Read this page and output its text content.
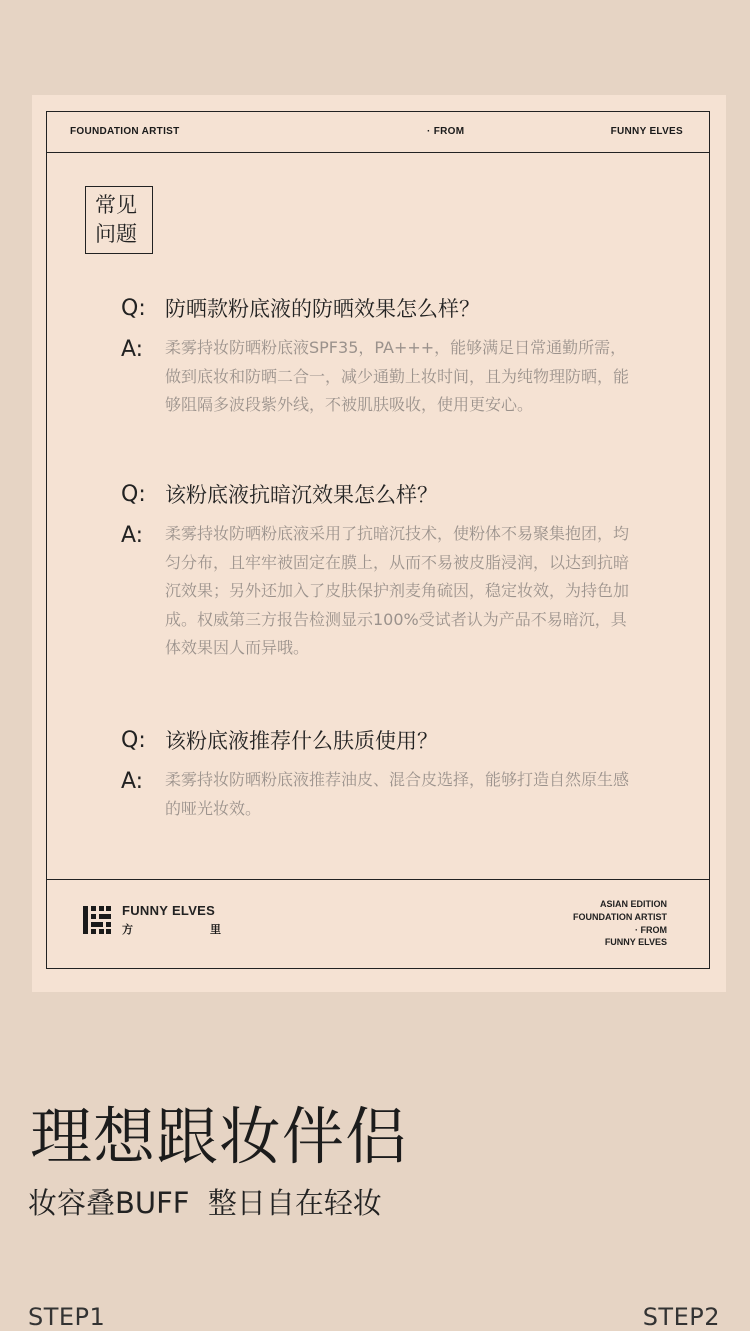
FOUNDATION ARTIST	· FROM	FUNNY ELVES
常见
问题
Q: 防晒款粉底液的防晒效果怎么样？
A: 柔雾持妆防晒粉底液SPF35，PA+++，能够满足日常通勤所需，做到底妆和防晒二合一，减少通勤上妆时间，且为纯物理防晒，能够阻隔多波段紫外线，不被肌肤吸收，使用更安心。
Q: 该粉底液抗暗沉效果怎么样？
A: 柔雾持妆防晒粉底液采用了抗暗沉技术，使粉体不易聚集抱团，均匀分布，且牢牢被固定在膜上，从而不易被皮脂浸润，以达到抗暗沉效果；另外还加入了皮肤保护剂麦角硫因，稳定妆效，为持色加成。权威第三方报告检测显示100%受试者认为产品不易暗沉，具体效果因人而异哦。
Q: 该粉底液推荐什么肤质使用？
A: 柔雾持妆防晒粉底液推荐油皮、混合皮选择，能够打造自然原生感的哑光妆效。
FUNNY ELVES
方	里
ASIAN EDITION
FOUNDATION ARTIST
· FROM
FUNNY ELVES
理想跟妆伴侣
妆容叠BUFF  整日自在轻妆
STEP1	STEP2
